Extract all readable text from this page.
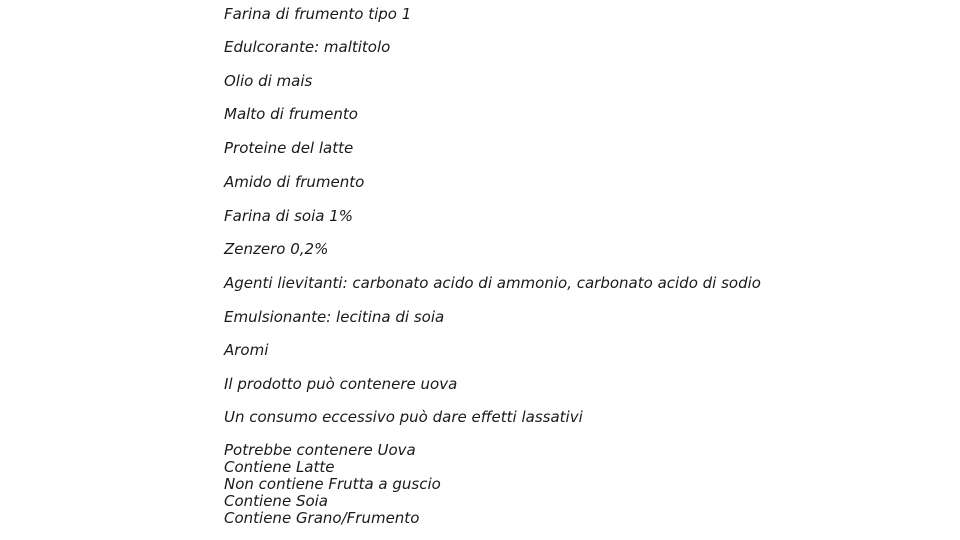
Farina di frumento tipo 1
Edulcorante: maltitolo
Olio di mais
Malto di frumento
Proteine del latte
Amido di frumento
Farina di soia 1%
Zenzero 0,2%
Agenti lievitanti: carbonato acido di ammonio, carbonato acido di sodio
Emulsionante: lecitina di soia
Aromi
Il prodotto può contenere uova
Un consumo eccessivo può dare effetti lassativi
Potrebbe contenere Uova
Contiene Latte
Non contiene Frutta a guscio
Contiene Soia
Contiene Grano/Frumento
